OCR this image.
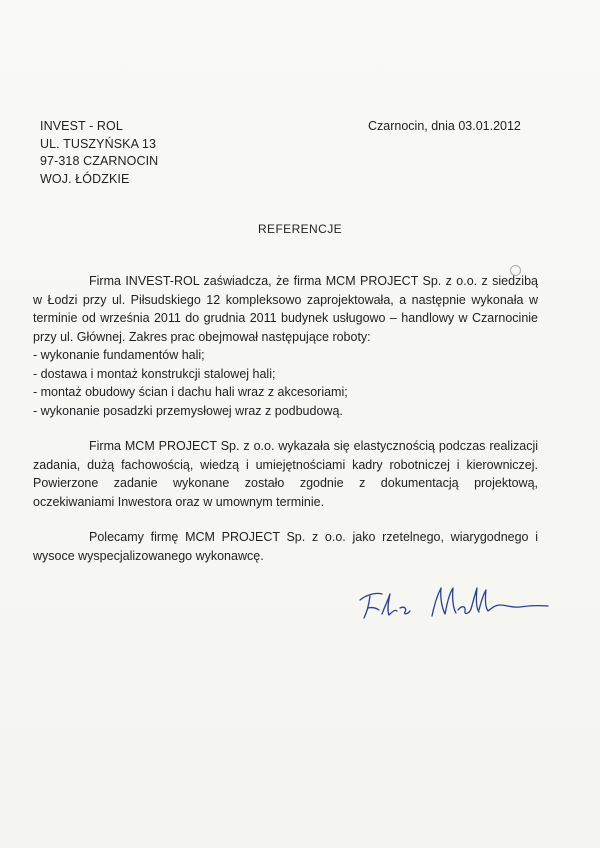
INVEST - ROL
UL. TUSZYŃSKA 13
97-318 CZARNOCIN
WOJ. ŁÓDZKIE
Czarnocin, dnia 03.01.2012
REFERENCJE

Firma INVEST-ROL zaświadcza, że firma MCM PROJECT Sp. z o.o. z siedzibą w Łodzi przy ul. Piłsudskiego 12 kompleksowo zaprojektowała, a następnie wykonała w terminie od września 2011 do grudnia 2011 budynek usługowo – handlowy w Czarnocinie przy ul. Głównej. Zakres prac obejmował następujące roboty:

- wykonanie fundamentów hali;
- dostawa i montaż konstrukcji stalowej hali;
- montaż obudowy ścian i dachu hali wraz z akcesoriami;
- wykonanie posadzki przemysłowej wraz z podbudową.

Firma MCM PROJECT Sp. z o.o. wykazała się elastycznością podczas realizacji zadania, dużą fachowością, wiedzą i umiejętnościami kadry robotniczej i kierowniczej. Powierzone zadanie wykonane zostało zgodnie z dokumentacją projektową, oczekiwaniami Inwestora oraz w umownym terminie.

Polecamy firmę MCM PROJECT Sp. z o.o. jako rzetelnego, wiarygodnego i wysoce wyspecjalizowanego wykonawcę.
